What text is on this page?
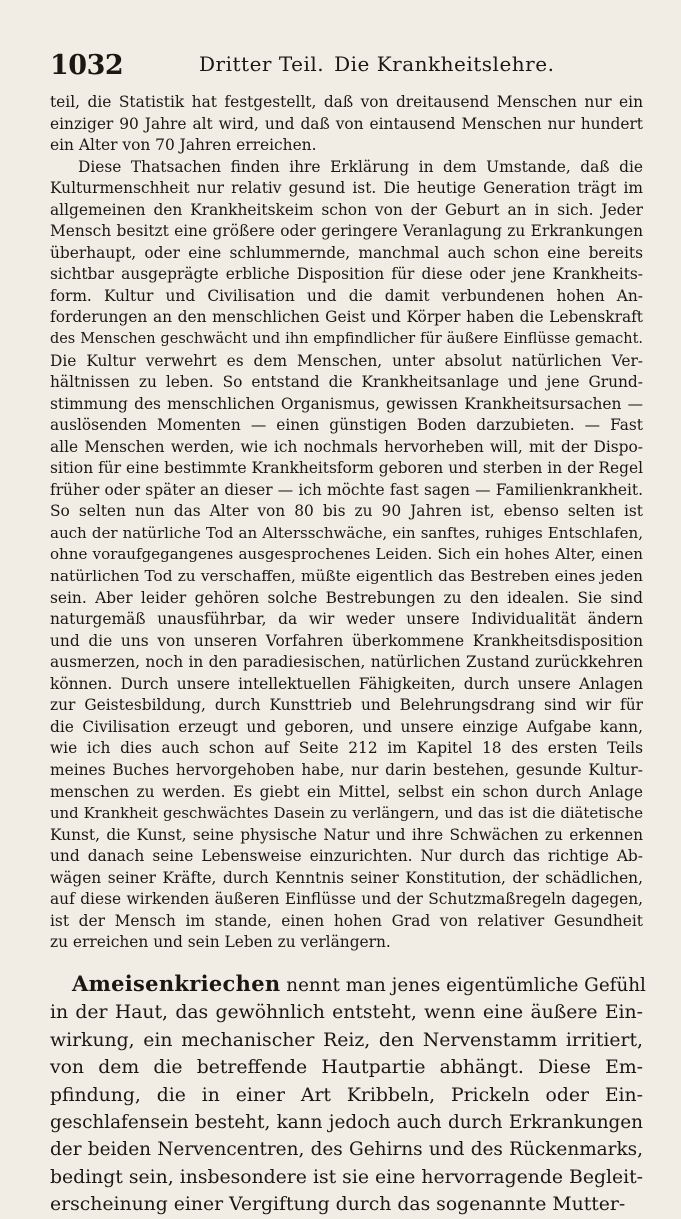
1032	Dritter Teil. Die Krankheitslehre.
teil, die Statistik hat festgestellt, daß von dreitausend Menschen nur ein
einziger 90 Jahre alt wird, und daß von eintausend Menschen nur hundert
ein Alter von 70 Jahren erreichen.
Diese Thatsachen finden ihre Erklärung in dem Umstande, daß die
Kulturmenschheit nur relativ gesund ist. Die heutige Generation trägt im
allgemeinen den Krankheitskeim schon von der Geburt an in sich. Jeder
Mensch besitzt eine größere oder geringere Veranlagung zu Erkrankungen
überhaupt, oder eine schlummernde, manchmal auch schon eine bereits
sichtbar ausgeprägte erbliche Disposition für diese oder jene Krankheits-
form. Kultur und Civilisation und die damit verbundenen hohen An-
forderungen an den menschlichen Geist und Körper haben die Lebenskraft
des Menschen geschwächt und ihn empfindlicher für äußere Einflüsse gemacht.
Die Kultur verwehrt es dem Menschen, unter absolut natürlichen Ver-
hältnissen zu leben. So entstand die Krankheitsanlage und jene Grund-
stimmung des menschlichen Organismus, gewissen Krankheitsursachen —
auslösenden Momenten — einen günstigen Boden darzubieten. — Fast
alle Menschen werden, wie ich nochmals hervorheben will, mit der Dispo-
sition für eine bestimmte Krankheitsform geboren und sterben in der Regel
früher oder später an dieser — ich möchte fast sagen — Familienkrankheit.
So selten nun das Alter von 80 bis zu 90 Jahren ist, ebenso selten ist
auch der natürliche Tod an Altersschwäche, ein sanftes, ruhiges Entschlafen,
ohne voraufgegangenes ausgesprochenes Leiden. Sich ein hohes Alter, einen
natürlichen Tod zu verschaffen, müßte eigentlich das Bestreben eines jeden
sein. Aber leider gehören solche Bestrebungen zu den idealen. Sie sind
naturgemäß unausführbar, da wir weder unsere Individualität ändern
und die uns von unseren Vorfahren überkommene Krankheitsdisposition
ausmerzen, noch in den paradiesischen, natürlichen Zustand zurückkehren
können. Durch unsere intellektuellen Fähigkeiten, durch unsere Anlagen
zur Geistesbildung, durch Kunsttrieb und Belehrungsdrang sind wir für
die Civilisation erzeugt und geboren, und unsere einzige Aufgabe kann,
wie ich dies auch schon auf Seite 212 im Kapitel 18 des ersten Teils
meines Buches hervorgehoben habe, nur darin bestehen, gesunde Kultur-
menschen zu werden. Es giebt ein Mittel, selbst ein schon durch Anlage
und Krankheit geschwächtes Dasein zu verlängern, und das ist die diätetische
Kunst, die Kunst, seine physische Natur und ihre Schwächen zu erkennen
und danach seine Lebensweise einzurichten. Nur durch das richtige Ab-
wägen seiner Kräfte, durch Kenntnis seiner Konstitution, der schädlichen,
auf diese wirkenden äußeren Einflüsse und der Schutzmaßregeln dagegen,
ist der Mensch im stande, einen hohen Grad von relativer Gesundheit
zu erreichen und sein Leben zu verlängern.
Ameisenkriechen nennt man jenes eigentümliche Gefühl
in der Haut, das gewöhnlich entsteht, wenn eine äußere Ein-
wirkung, ein mechanischer Reiz, den Nervenstamm irritiert,
von dem die betreffende Hautpartie abhängt. Diese Em-
pfindung, die in einer Art Kribbeln, Prickeln oder Ein-
geschlafensein besteht, kann jedoch auch durch Erkrankungen
der beiden Nervencentren, des Gehirns und des Rückenmarks,
bedingt sein, insbesondere ist sie eine hervorragende Begleit-
erscheinung einer Vergiftung durch das sogenannte Mutter-
